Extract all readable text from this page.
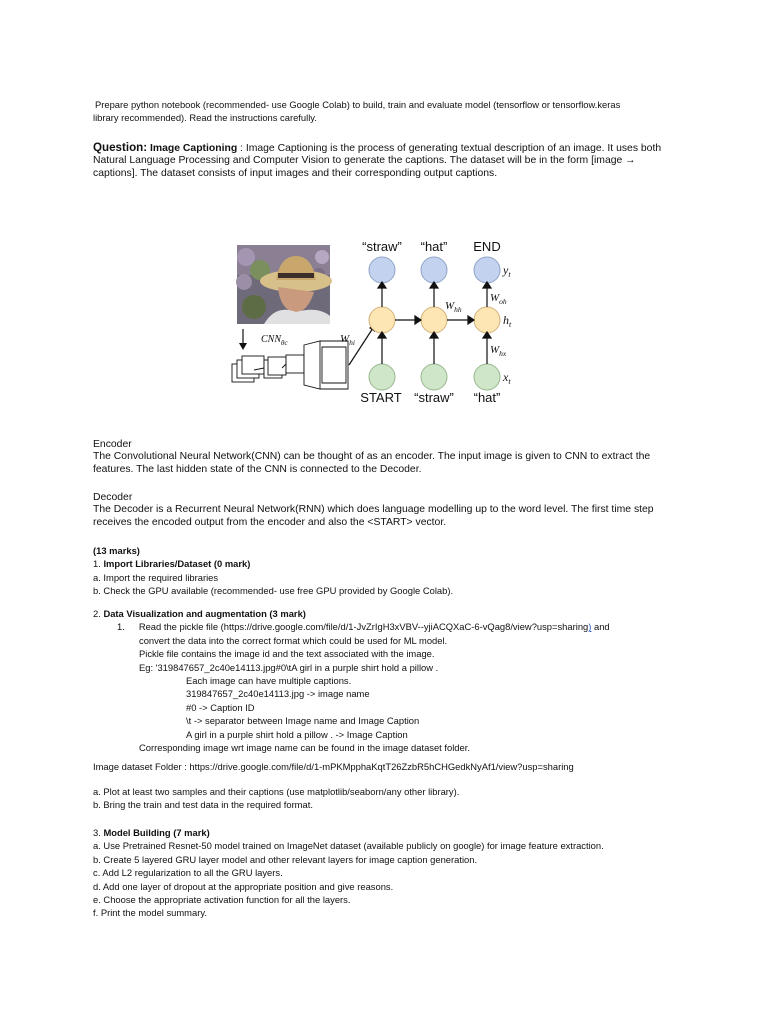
Prepare python notebook (recommended- use Google Colab) to build, train and evaluate model (tensorflow or tensorflow.keras
library recommended). Read the instructions carefully.

Question: Image Captioning : Image Captioning is the process of generating textual description of an image. It uses both Natural Language Processing and Computer Vision to generate the captions. The dataset will be in the form [image → captions]. The dataset consists of input images and their corresponding output captions.

$CNN_{\theta c}$	$W_{hi}$
“straw” “hat” END
$y_t$
$h_t$
$x_t$
$W_{hh}$
$W_{oh}$
$W_{hx}$
START “straw” “hat”

Encoder

The Convolutional Neural Network(CNN) can be thought of as an encoder. The input image is given to CNN to extract the features. The last hidden state of the CNN is connected to the Decoder.

Decoder

The Decoder is a Recurrent Neural Network(RNN) which does language modelling up to the word level. The first time step receives the encoded output from the encoder and also the <START> vector.

(13 marks)
1. Import Libraries/Dataset (0 mark)
a. Import the required libraries
b. Check the GPU available (recommended- use free GPU provided by Google Colab).
2. Data Visualization and augmentation (3 mark)
1. Read the pickle file (https://drive.google.com/file/d/1-JvZrIgH3xVBV--yjiACQXaC-6-vQag8/view?usp=sharing) and
convert the data into the correct format which could be used for ML model.
Pickle file contains the image id and the text associated with the image.
Eg: '319847657_2c40e14113.jpg#0\tA girl in a purple shirt hold a pillow .
Each image can have multiple captions.
319847657_2c40e14113.jpg -> image name
#0 -> Caption ID
\t -> separator between Image name and Image Caption
A girl in a purple shirt hold a pillow . -> Image Caption
Corresponding image wrt image name can be found in the image dataset folder.
Image dataset Folder : https://drive.google.com/file/d/1-mPKMpphaKqtT26ZzbR5hCHGedkNyAf1/view?usp=sharing
a. Plot at least two samples and their captions (use matplotlib/seaborn/any other library).
b. Bring the train and test data in the required format.
3. Model Building (7 mark)
a. Use Pretrained Resnet-50 model trained on ImageNet dataset (available publicly on google) for image feature extraction.
b. Create 5 layered GRU layer model and other relevant layers for image caption generation.
c. Add L2 regularization to all the GRU layers.
d. Add one layer of dropout at the appropriate position and give reasons.
e. Choose the appropriate activation function for all the layers.
f. Print the model summary.
